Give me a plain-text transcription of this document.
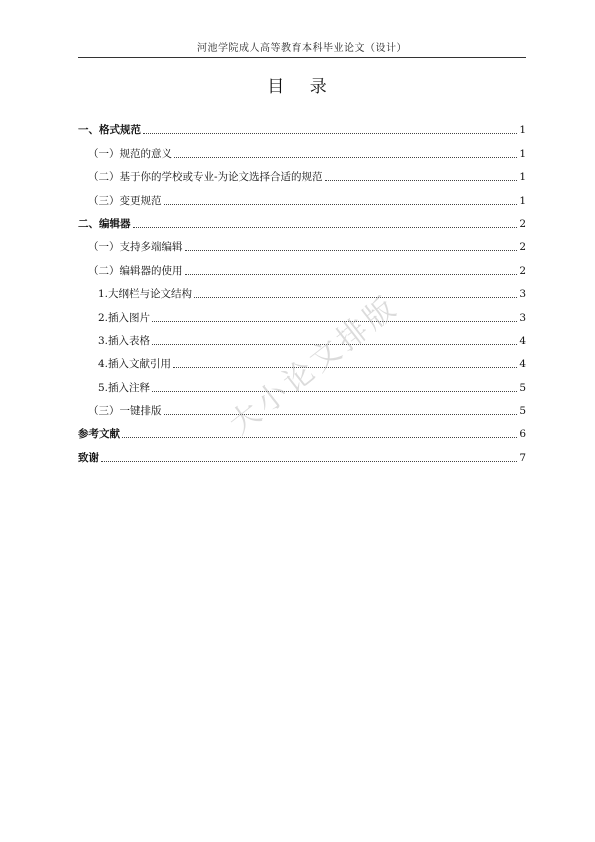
河池学院成人高等教育本科毕业论文（设计）
目 录
一、格式规范	1
（一）规范的意义	1
（二）基于你的学校或专业-为论文选择合适的规范	1
（三）变更规范	1
二、编辑器	2
（一）支持多端编辑	2
（二）编辑器的使用	2
1.大纲栏与论文结构	3
2.插入图片	3
3.插入表格	4
4.插入文献引用	4
5.插入注释	5
（三）一键排版	5
参考文献	6
致谢	7
大小论文排版
